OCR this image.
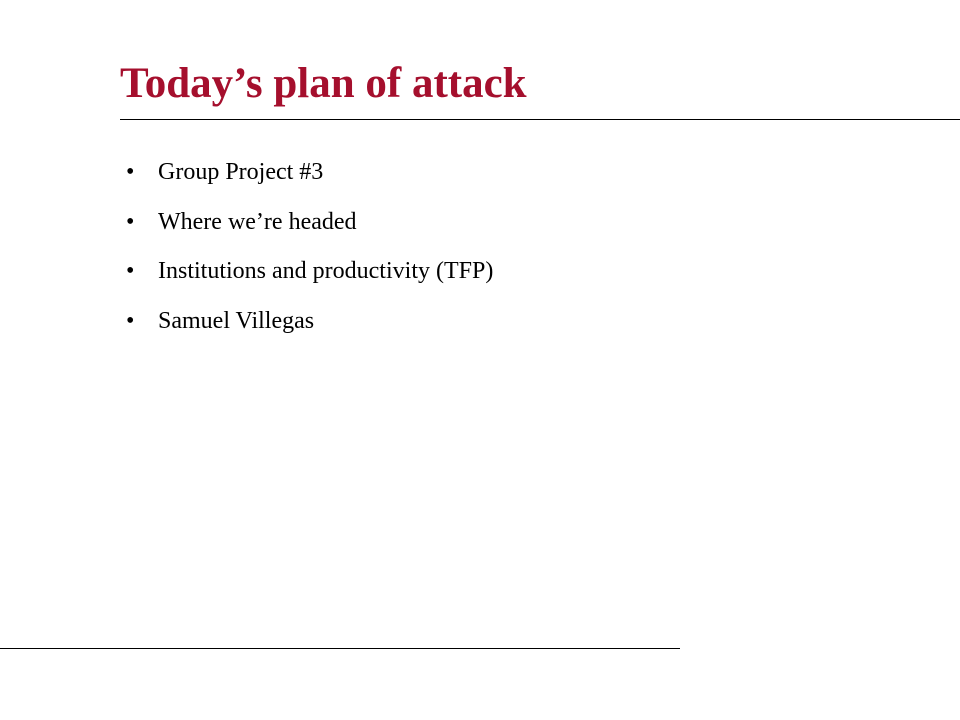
Today’s plan of attack
• Group Project #3
• Where we’re headed
• Institutions and productivity (TFP)
• Samuel Villegas
